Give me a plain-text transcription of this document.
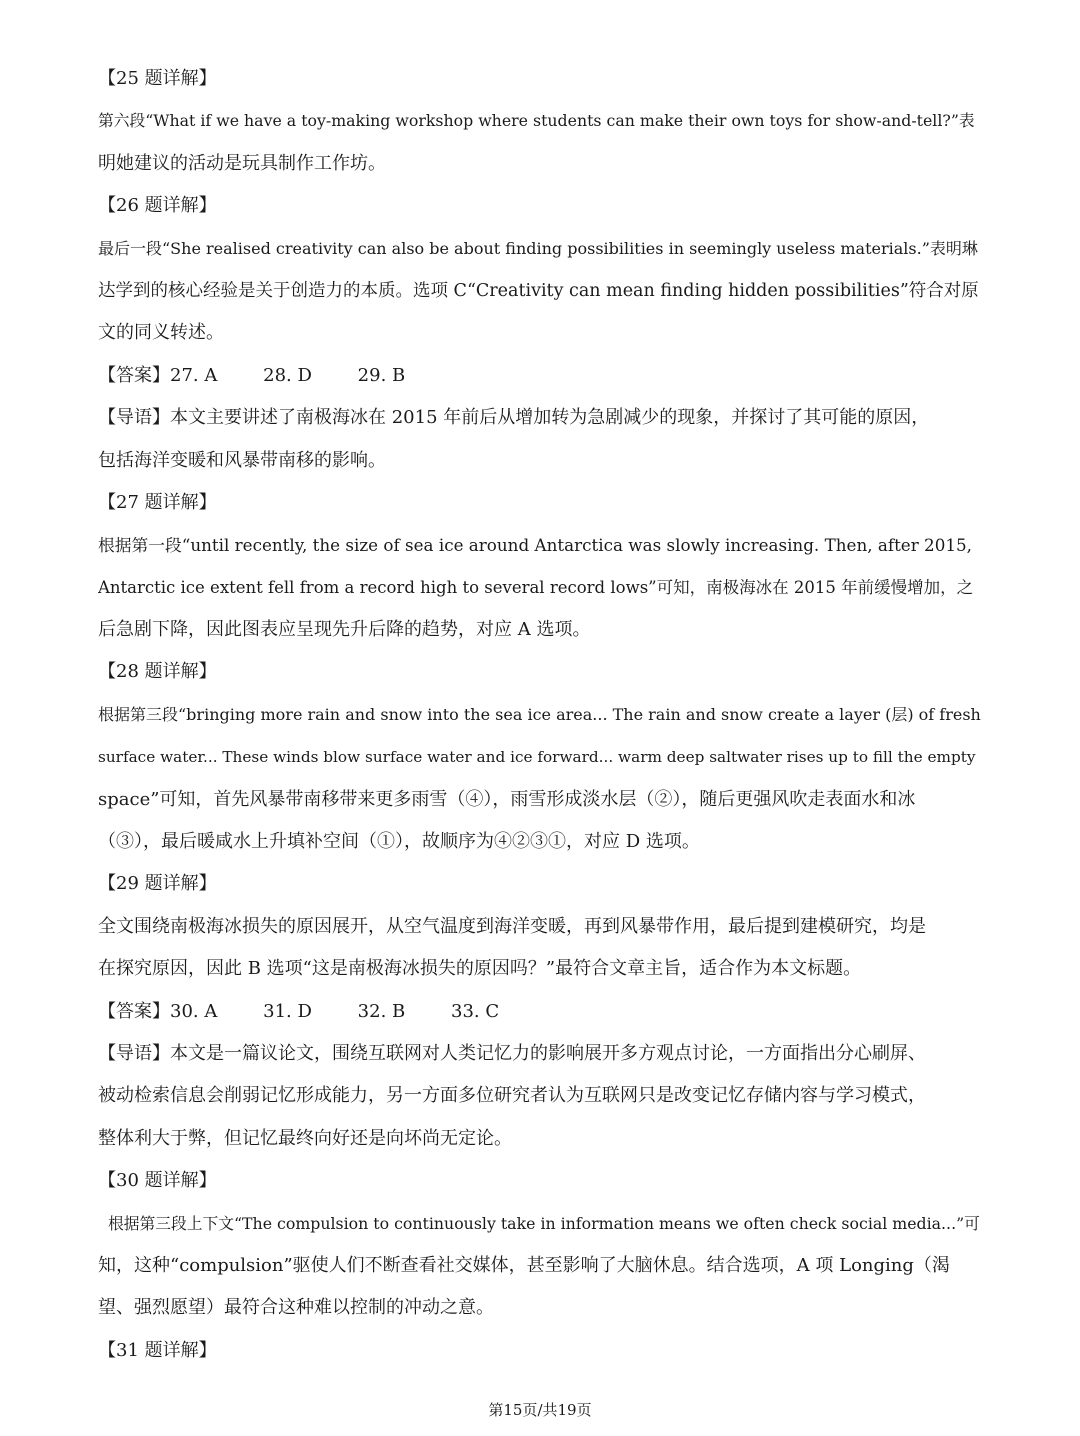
【25 题详解】
第六段“What if we have a toy-making workshop where students can make their own toys for show-and-tell?”表
明她建议的活动是玩具制作工作坊。
【26 题详解】
最后一段“She realised creativity can also be about finding possibilities in seemingly useless materials.”表明琳
达学到的核心经验是关于创造力的本质。选项 C“Creativity can mean finding hidden possibilities”符合对原
文的同义转述。
【答案】27. A        28. D        29. B
【导语】本文主要讲述了南极海冰在 2015 年前后从增加转为急剧减少的现象，并探讨了其可能的原因，
包括海洋变暖和风暴带南移的影响。
【27 题详解】
根据第一段“until recently, the size of sea ice around Antarctica was slowly increasing. Then, after 2015,
Antarctic ice extent fell from a record high to several record lows”可知，南极海冰在 2015 年前缓慢增加，之
后急剧下降，因此图表应呈现先升后降的趋势，对应 A 选项。
【28 题详解】
根据第三段“bringing more rain and snow into the sea ice area... The rain and snow create a layer (层) of fresh
surface water... These winds blow surface water and ice forward... warm deep saltwater rises up to fill the empty
space”可知，首先风暴带南移带来更多雨雪（④），雨雪形成淡水层（②），随后更强风吹走表面水和冰
（③），最后暖咸水上升填补空间（①），故顺序为④②③①，对应 D 选项。
【29 题详解】
全文围绕南极海冰损失的原因展开，从空气温度到海洋变暖，再到风暴带作用，最后提到建模研究，均是
在探究原因，因此 B 选项“这是南极海冰损失的原因吗？”最符合文章主旨，适合作为本文标题。
【答案】30. A        31. D        32. B        33. C
【导语】本文是一篇议论文，围绕互联网对人类记忆力的影响展开多方观点讨论，一方面指出分心刷屏、
被动检索信息会削弱记忆形成能力，另一方面多位研究者认为互联网只是改变记忆存储内容与学习模式，
整体利大于弊，但记忆最终向好还是向坏尚无定论。
【30 题详解】
根据第三段上下文“The compulsion to continuously take in information means we often check social media...”可
知，这种“compulsion”驱使人们不断查看社交媒体，甚至影响了大脑休息。结合选项，A 项 Longing（渴
望、强烈愿望）最符合这种难以控制的冲动之意。
【31 题详解】
第15页/共19页
